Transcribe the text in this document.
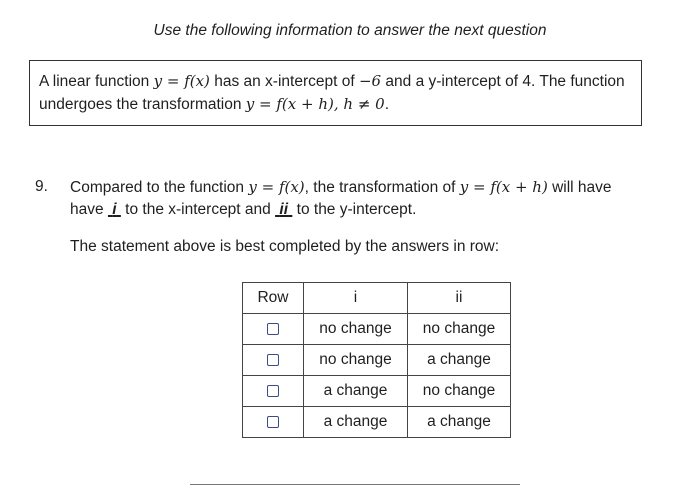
Use the following information to answer the next question
A linear function y = f(x) has an x-intercept of −6 and a y-intercept of 4. The function undergoes the transformation y = f(x + h), h ≠ 0.
9. Compared to the function y = f(x), the transformation of y = f(x + h) will have
have  i  to the x-intercept and  ii  to the y-intercept.
The statement above is best completed by the answers in row:
Row	i	ii
	no change	no change
	no change	a change
	a change	no change
	a change	a change
